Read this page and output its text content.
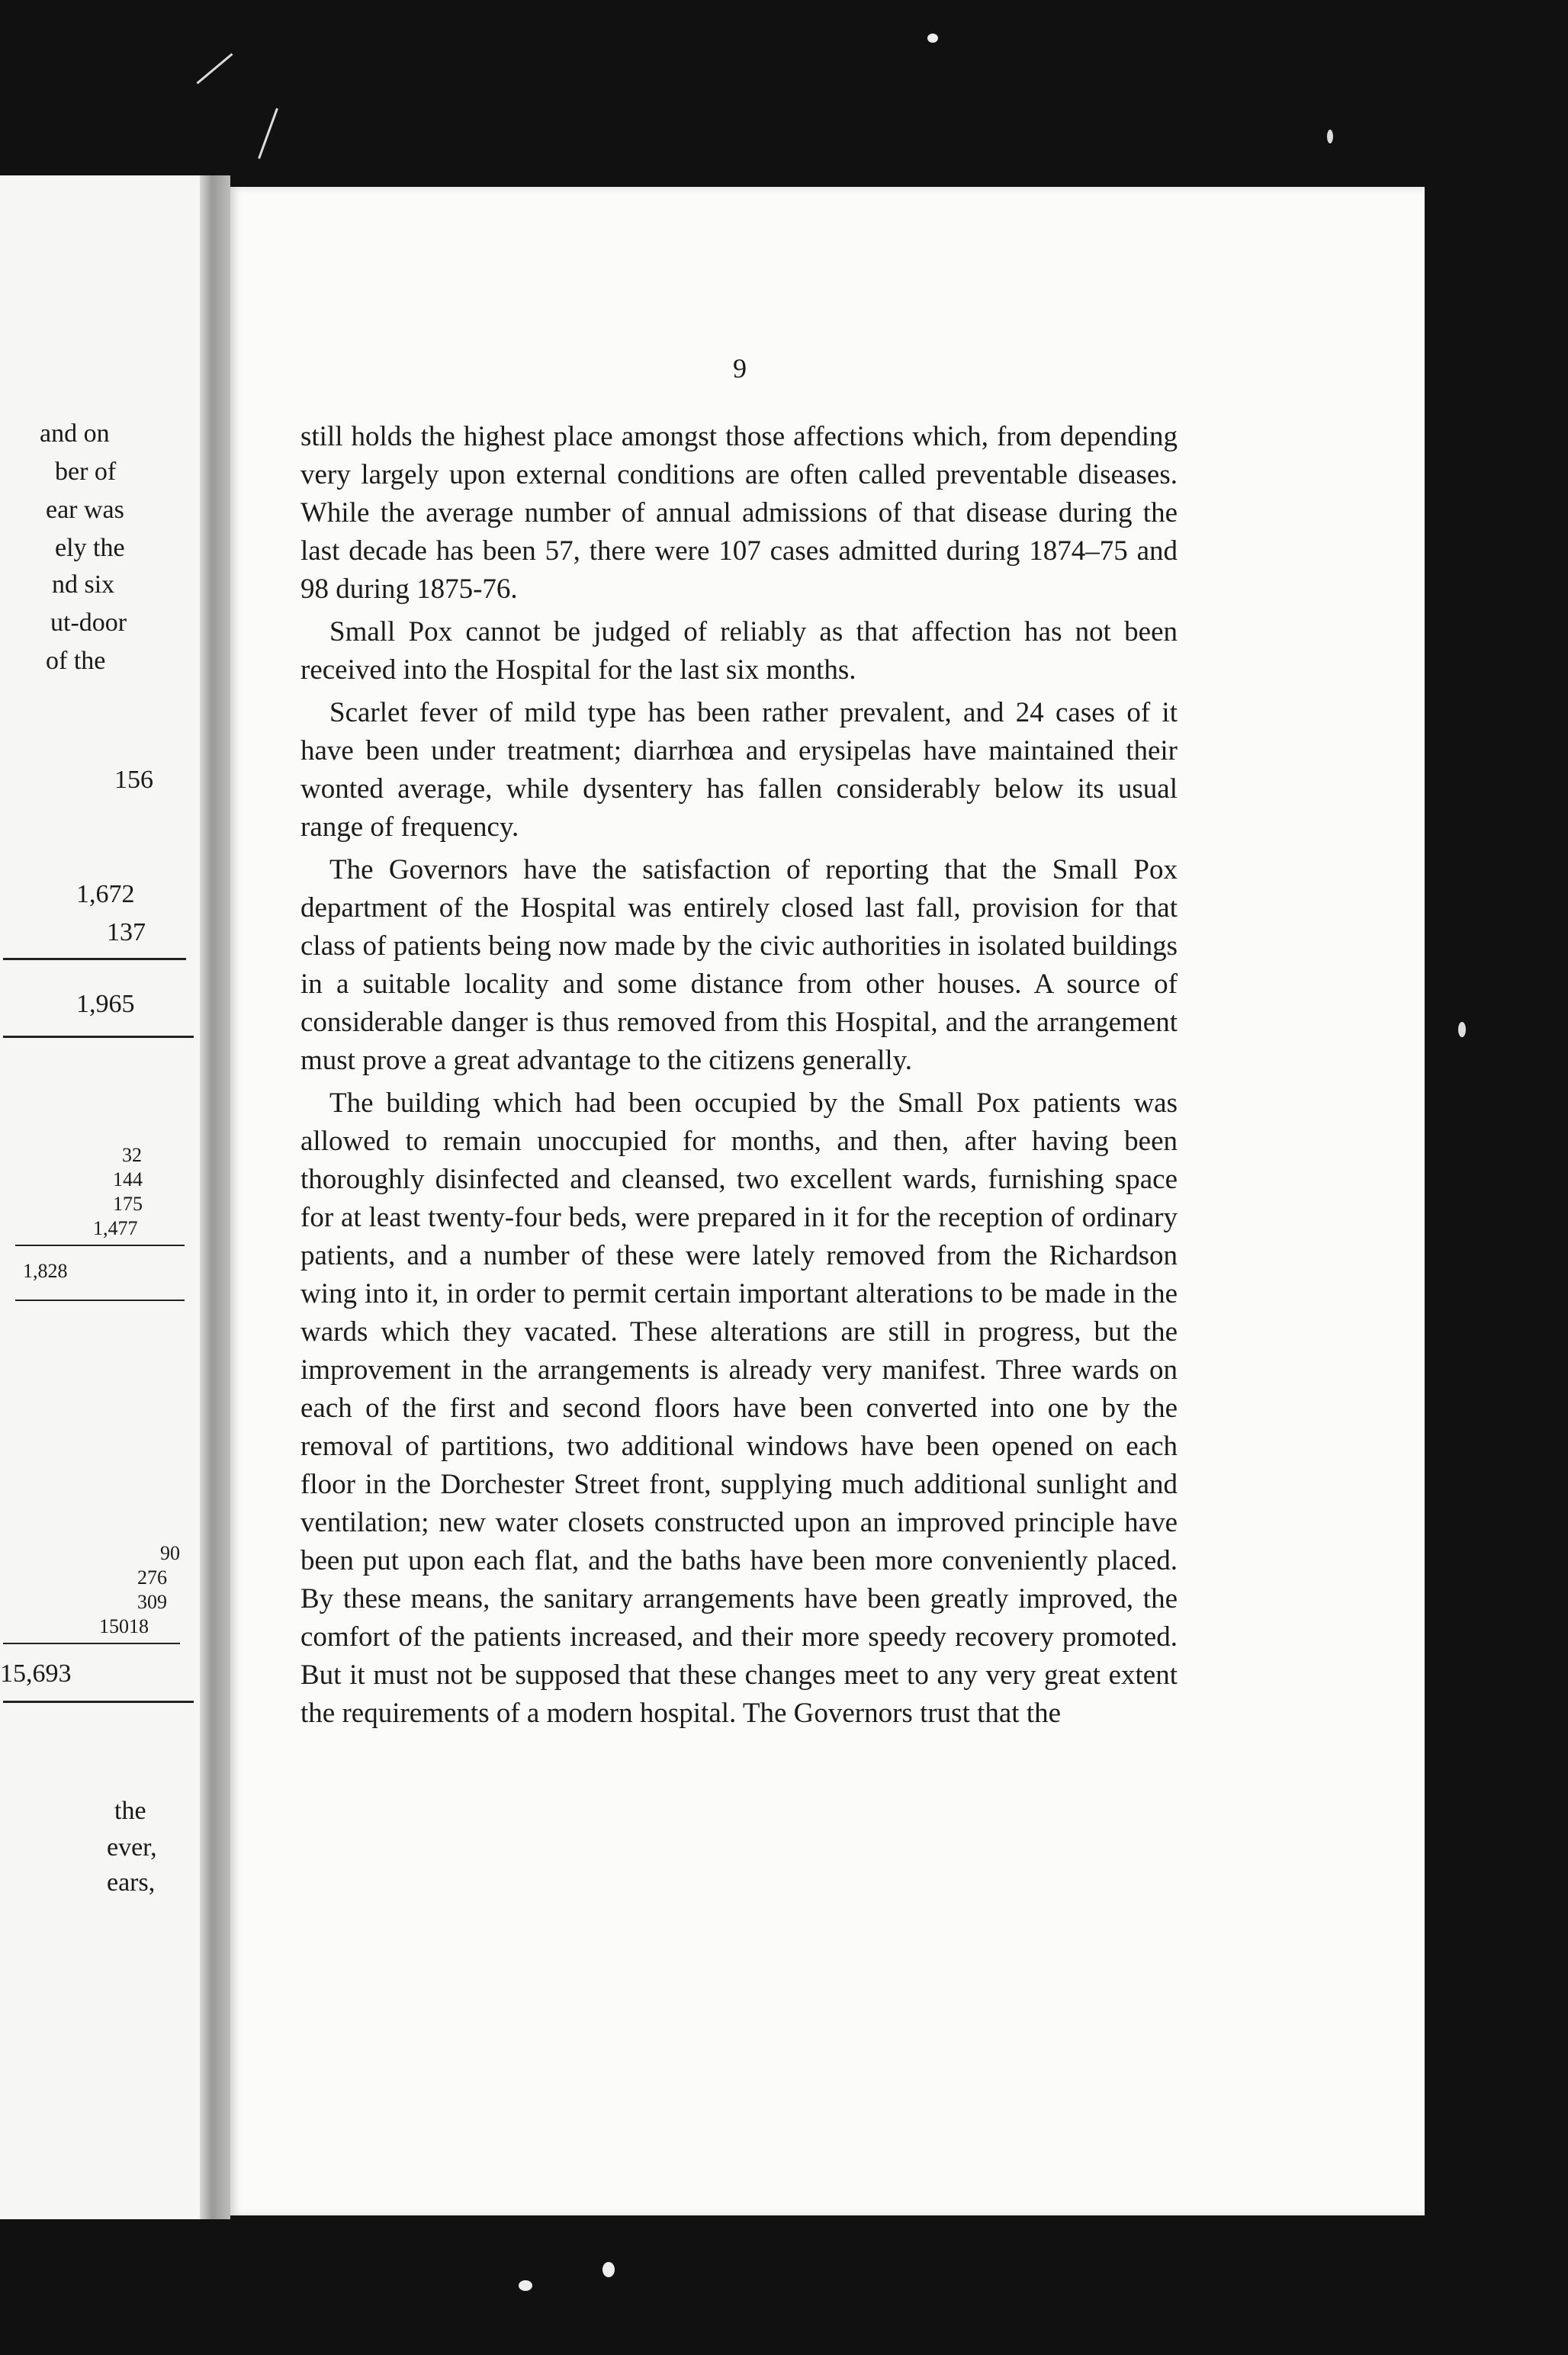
and on
ber of
ear was
ely the
nd six
ut-door
of the
156
1,672
137
1,965
32
144
175
1,477
1,828
90
276
309
15018
15,693
the
ever,
ears,
9

still holds the highest place amongst those affections which, from depending very largely upon external conditions are often called preventable diseases. While the average number of annual admissions of that disease during the last decade has been 57, there were 107 cases admitted during 1874–75 and 98 during 1875-76.

Small Pox cannot be judged of reliably as that affection has not been received into the Hospital for the last six months.

Scarlet fever of mild type has been rather prevalent, and 24 cases of it have been under treatment; diarrhœa and erysipelas have maintained their wonted average, while dysentery has fallen considerably below its usual range of frequency.

The Governors have the satisfaction of reporting that the Small Pox department of the Hospital was entirely closed last fall, provision for that class of patients being now made by the civic authorities in isolated buildings in a suitable locality and some distance from other houses. A source of considerable danger is thus removed from this Hospital, and the arrangement must prove a great advantage to the citizens generally.

The building which had been occupied by the Small Pox patients was allowed to remain unoccupied for months, and then, after having been thoroughly disinfected and cleansed, two excellent wards, furnishing space for at least twenty-four beds, were prepared in it for the reception of ordinary patients, and a number of these were lately removed from the Richardson wing into it, in order to permit certain important alterations to be made in the wards which they vacated. These alterations are still in progress, but the improvement in the arrangements is already very manifest. Three wards on each of the first and second floors have been converted into one by the removal of partitions, two additional windows have been opened on each floor in the Dorchester Street front, supplying much additional sunlight and ventilation; new water closets constructed upon an improved principle have been put upon each flat, and the baths have been more conveniently placed. By these means, the sanitary arrangements have been greatly improved, the comfort of the patients increased, and their more speedy recovery promoted. But it must not be supposed that these changes meet to any very great extent the requirements of a modern hospital. The Governors trust that the
